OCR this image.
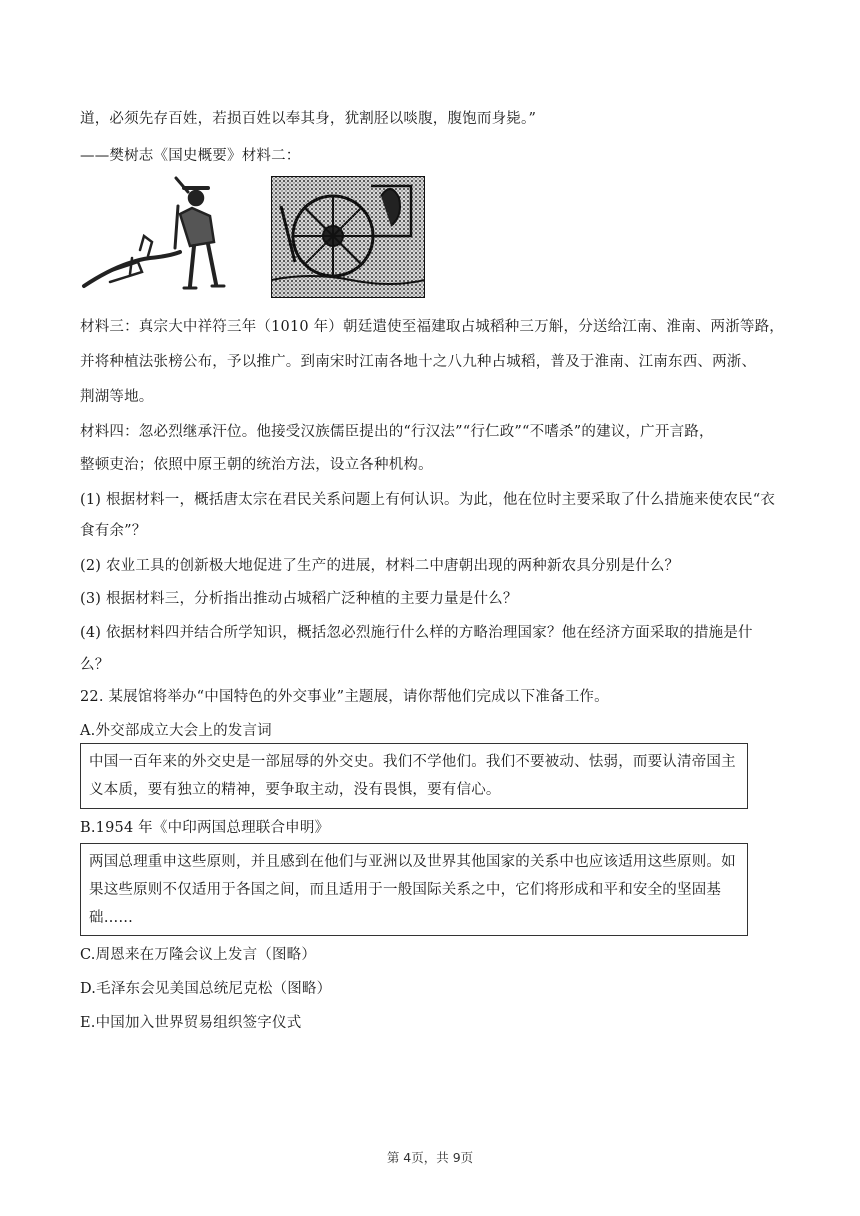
道，必须先存百姓，若损百姓以奉其身，犹割胫以啖腹，腹饱而身毙。”
——樊树志《国史概要》材料二：
材料三：真宗大中祥符三年（1010 年）朝廷遣使至福建取占城稻种三万斛，分送给江南、淮南、两浙等路，
并将种植法张榜公布，予以推广。到南宋时江南各地十之八九种占城稻，普及于淮南、江南东西、两浙、
荆湖等地。
材料四：忽必烈继承汗位。他接受汉族儒臣提出的“行汉法”“行仁政”“不嗜杀”的建议，广开言路，
整顿吏治；依照中原王朝的统治方法，设立各种机构。
(1) 根据材料一，概括唐太宗在君民关系问题上有何认识。为此，他在位时主要采取了什么措施来使农民“衣
食有余”？
(2) 农业工具的创新极大地促进了生产的进展，材料二中唐朝出现的两种新农具分别是什么？
(3) 根据材料三，分析指出推动占城稻广泛种植的主要力量是什么？
(4) 依据材料四并结合所学知识，概括忽必烈施行什么样的方略治理国家？他在经济方面采取的措施是什
么？
22. 某展馆将举办“中国特色的外交事业”主题展，请你帮他们完成以下准备工作。
A.外交部成立大会上的发言词
中国一百年来的外交史是一部屈辱的外交史。我们不学他们。我们不要被动、怯弱，而要认清帝国主
义本质，要有独立的精神，要争取主动，没有畏惧，要有信心。
B.1954 年《中印两国总理联合申明》
两国总理重申这些原则，并且感到在他们与亚洲以及世界其他国家的关系中也应该适用这些原则。如
果这些原则不仅适用于各国之间，而且适用于一般国际关系之中，它们将形成和平和安全的坚固基
础……
C.周恩来在万隆会议上发言（图略）
D.毛泽东会见美国总统尼克松（图略）
E.中国加入世界贸易组织签字仪式
第 4页，共 9页
